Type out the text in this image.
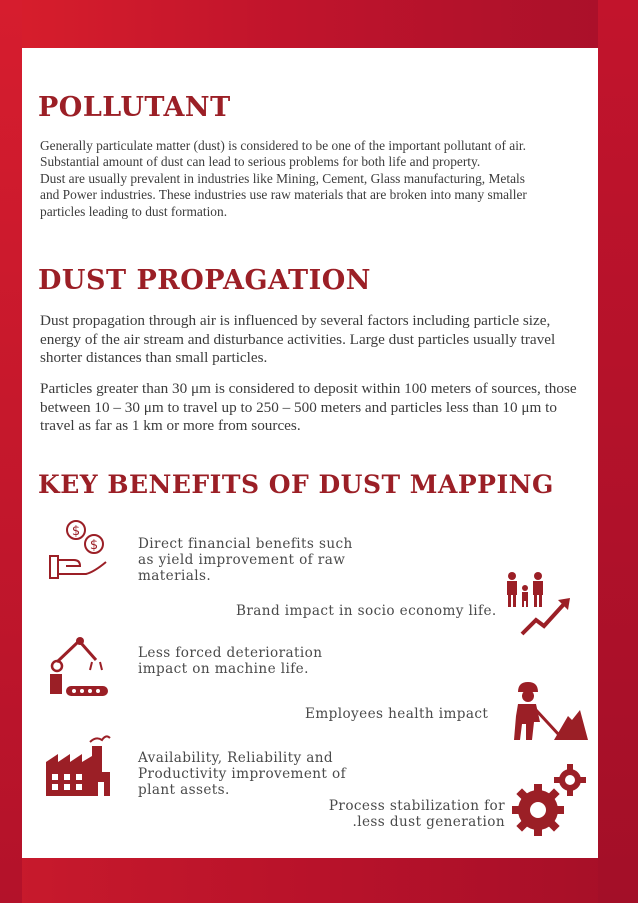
POLLUTANT
Generally particulate matter (dust) is considered to be one of the important pollutant of air. Substantial amount of dust can lead to serious problems for both life and property.
Dust are usually prevalent in industries like Mining, Cement, Glass manufacturing, Metals and Power industries. These industries use raw materials that are broken into many smaller particles leading to dust formation.
DUST PROPAGATION

Dust propagation through air is influenced by several factors including particle size, energy of the air stream and disturbance activities. Large dust particles usually travel shorter distances than small particles.

Particles greater than 30 μm is considered to deposit within 100 meters of sources, those between 10 – 30 μm to travel up to 250 – 500 meters and particles less than 10 μm to travel as far as 1 km or more from sources.

KEY BENEFITS OF DUST MAPPING
$
$	Direct financial benefits such as yield improvement of raw materials.

Brand impact in socio economy life.

Less forced deterioration impact on machine life.

Employees health impact

Availability, Reliability and Productivity improvement of plant assets.

Process stabilization for .less dust generation
